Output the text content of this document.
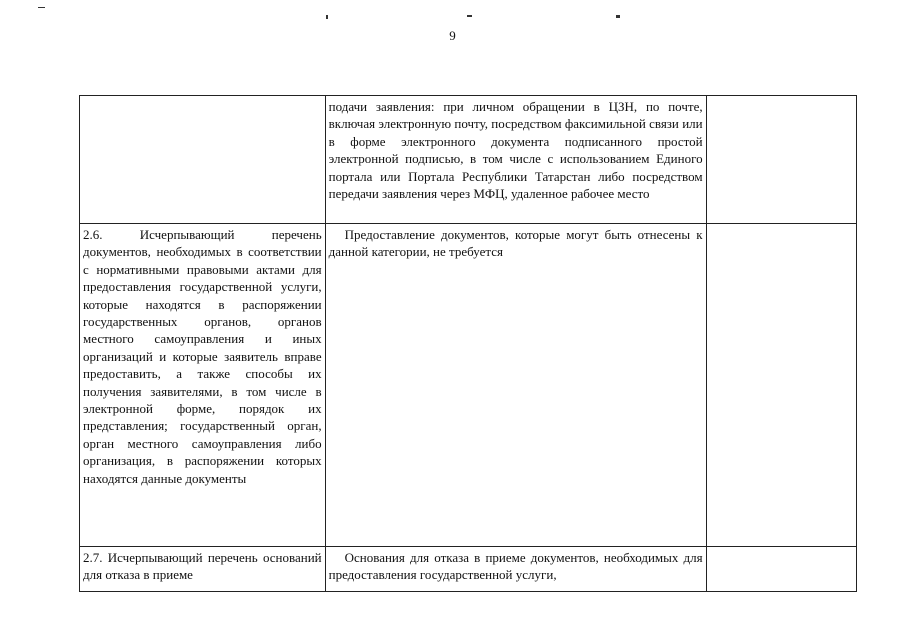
9
	подачи заявления: при личном обращении в ЦЗН, по почте, включая электронную почту, посредством факсимильной связи или в форме электронного документа подписанного простой электронной подписью, в том числе с использованием Единого портала или Портала Республики Татарстан либо посредством передачи заявления через МФЦ, удаленное рабочее место	
2.6. Исчерпывающий перечень документов, необходимых в соответствии с нормативными правовыми актами для предоставления государственной услуги, которые находятся в распоряжении государственных органов, органов местного самоуправления и иных организаций и которые заявитель вправе предоставить, а также способы их получения заявителями, в том числе в электронной форме, порядок их представления; государственный орган, орган местного самоуправления либо организация, в распоряжении которых находятся данные документы	Предоставление документов, которые могут быть отнесены к данной категории, не требуется	
2.7. Исчерпывающий перечень оснований для отказа в приеме	Основания для отказа в приеме документов, необходимых для предоставления государственной услуги,	
